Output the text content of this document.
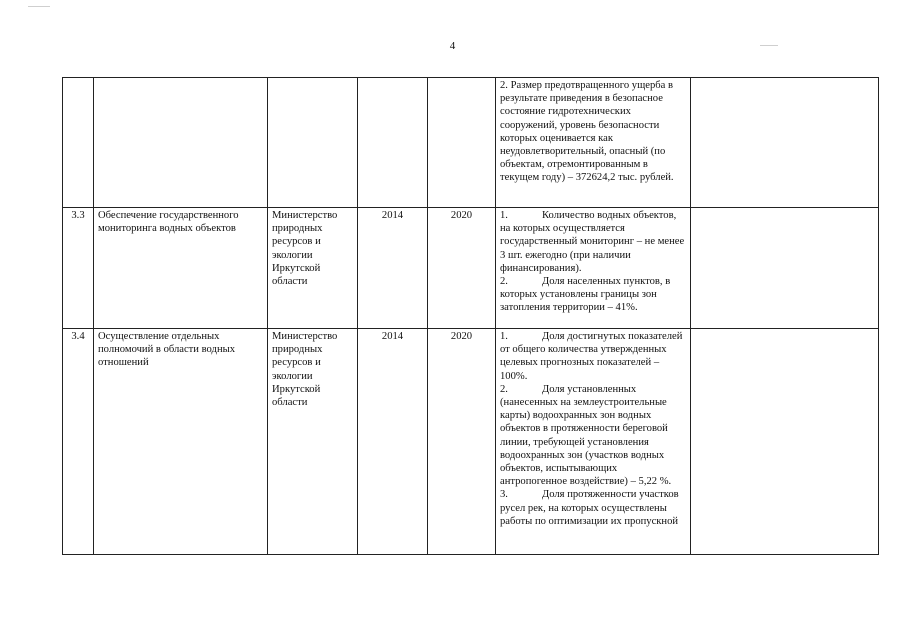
4
					2. Размер предотвращенного ущерба в результате приведения в безопасное состояние гидротехнических сооружений, уровень безопасности которых оценивается как неудовлетворительный, опасный (по объектам, отремонтированным в текущем году) – 372624,2 тыс. рублей.	
3.3	Обеспечение государственного мониторинга водных объектов	Министерство природных ресурсов и экологии Иркутской области	2014	2020	1. Количество водных объектов, на которых осуществляется государственный мониторинг – не менее 3 шт. ежегодно (при наличии финансирования).
2. Доля населенных пунктов, в которых установлены границы зон затопления территории – 41%.	

3.4	Осуществление отдельных полномочий в области водных отношений	Министерство природных ресурсов и экологии Иркутской области	2014	2020	1. Доля достигнутых показателей от общего количества утвержденных целевых прогнозных показателей – 100%.
2. Доля установленных (нанесенных на землеустроительные карты) водоохранных зон водных объектов в протяженности береговой линии, требующей установления водоохранных зон (участков водных объектов, испытывающих антропогенное воздействие) – 5,22 %.
3. Доля протяженности участков русел рек, на которых осуществлены работы по оптимизации их пропускной	
